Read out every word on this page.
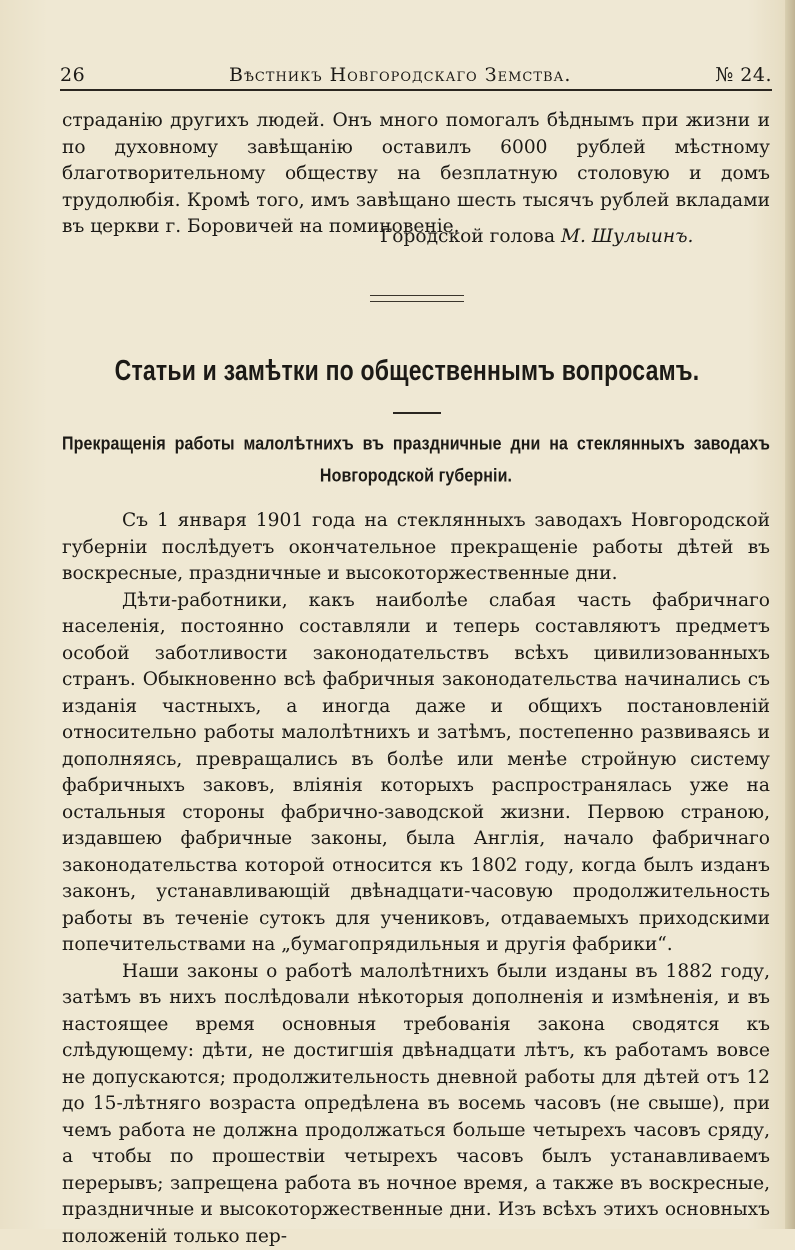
26	Вѣстникъ Новгородскаго Земства.	№ 24.

страданію другихъ людей. Онъ много помогалъ бѣднымъ при жизни и по духовному завѣщанію оставилъ 6000 рублей мѣстному благотворительному обществу на безплатную столовую и домъ трудолюбія. Кромѣ того, имъ завѣщано шесть тысячъ рублей вкладами въ церкви г. Боровичей на поминовеніе.

Городской голова М. Шулыинъ.
Статьи и замѣтки по общественнымъ вопросамъ.
Прекращенія работы малолѣтнихъ въ праздничные дни на стеклянныхъ заводахъ Новгородской губерніи.

Съ 1 января 1901 года на стеклянныхъ заводахъ Новгородской губерніи послѣдуетъ окончательное прекращеніе работы дѣтей въ воскресные, праздничные и высокоторжественные дни.

Дѣти-работники, какъ наиболѣе слабая часть фабричнаго населенія, постоянно составляли и теперь составляютъ предметъ особой заботливости законодательствъ всѣхъ цивилизованныхъ странъ. Обыкновенно всѣ фабричныя законодательства начинались съ изданія частныхъ, а иногда даже и общихъ постановленій относительно работы малолѣтнихъ и затѣмъ, постепенно развиваясь и дополняясь, превращались въ болѣе или менѣе стройную систему фабричныхъ заковъ, вліянія которыхъ распространялась уже на остальныя стороны фабрично-заводской жизни. Первою страною, издавшею фабричные законы, была Англія, начало фабричнаго законодательства которой относится къ 1802 году, когда былъ изданъ законъ, устанавливающій двѣнадцати-часовую продолжительность работы въ теченіе сутокъ для учениковъ, отдаваемыхъ приходскими попечительствами на „бумагопрядильныя и другія фабрики“.

Наши законы о работѣ малолѣтнихъ были изданы въ 1882 году, затѣмъ въ нихъ послѣдовали нѣкоторыя дополненія и измѣненія, и въ настоящее время основныя требованія закона сводятся къ слѣдующему: дѣти, не достигшія двѣнадцати лѣтъ, къ работамъ вовсе не допускаются; продолжительность дневной работы для дѣтей отъ 12 до 15-лѣтняго возраста опредѣлена въ восемь часовъ (не свыше), при чемъ работа не должна продолжаться больше четырехъ часовъ сряду, а чтобы по прошествіи четырехъ часовъ былъ устанавливаемъ перерывъ; запрещена работа въ ночное время, а также въ воскресные, праздничные и высокоторжественные дни. Изъ всѣхъ этихъ основныхъ положеній только пер-
